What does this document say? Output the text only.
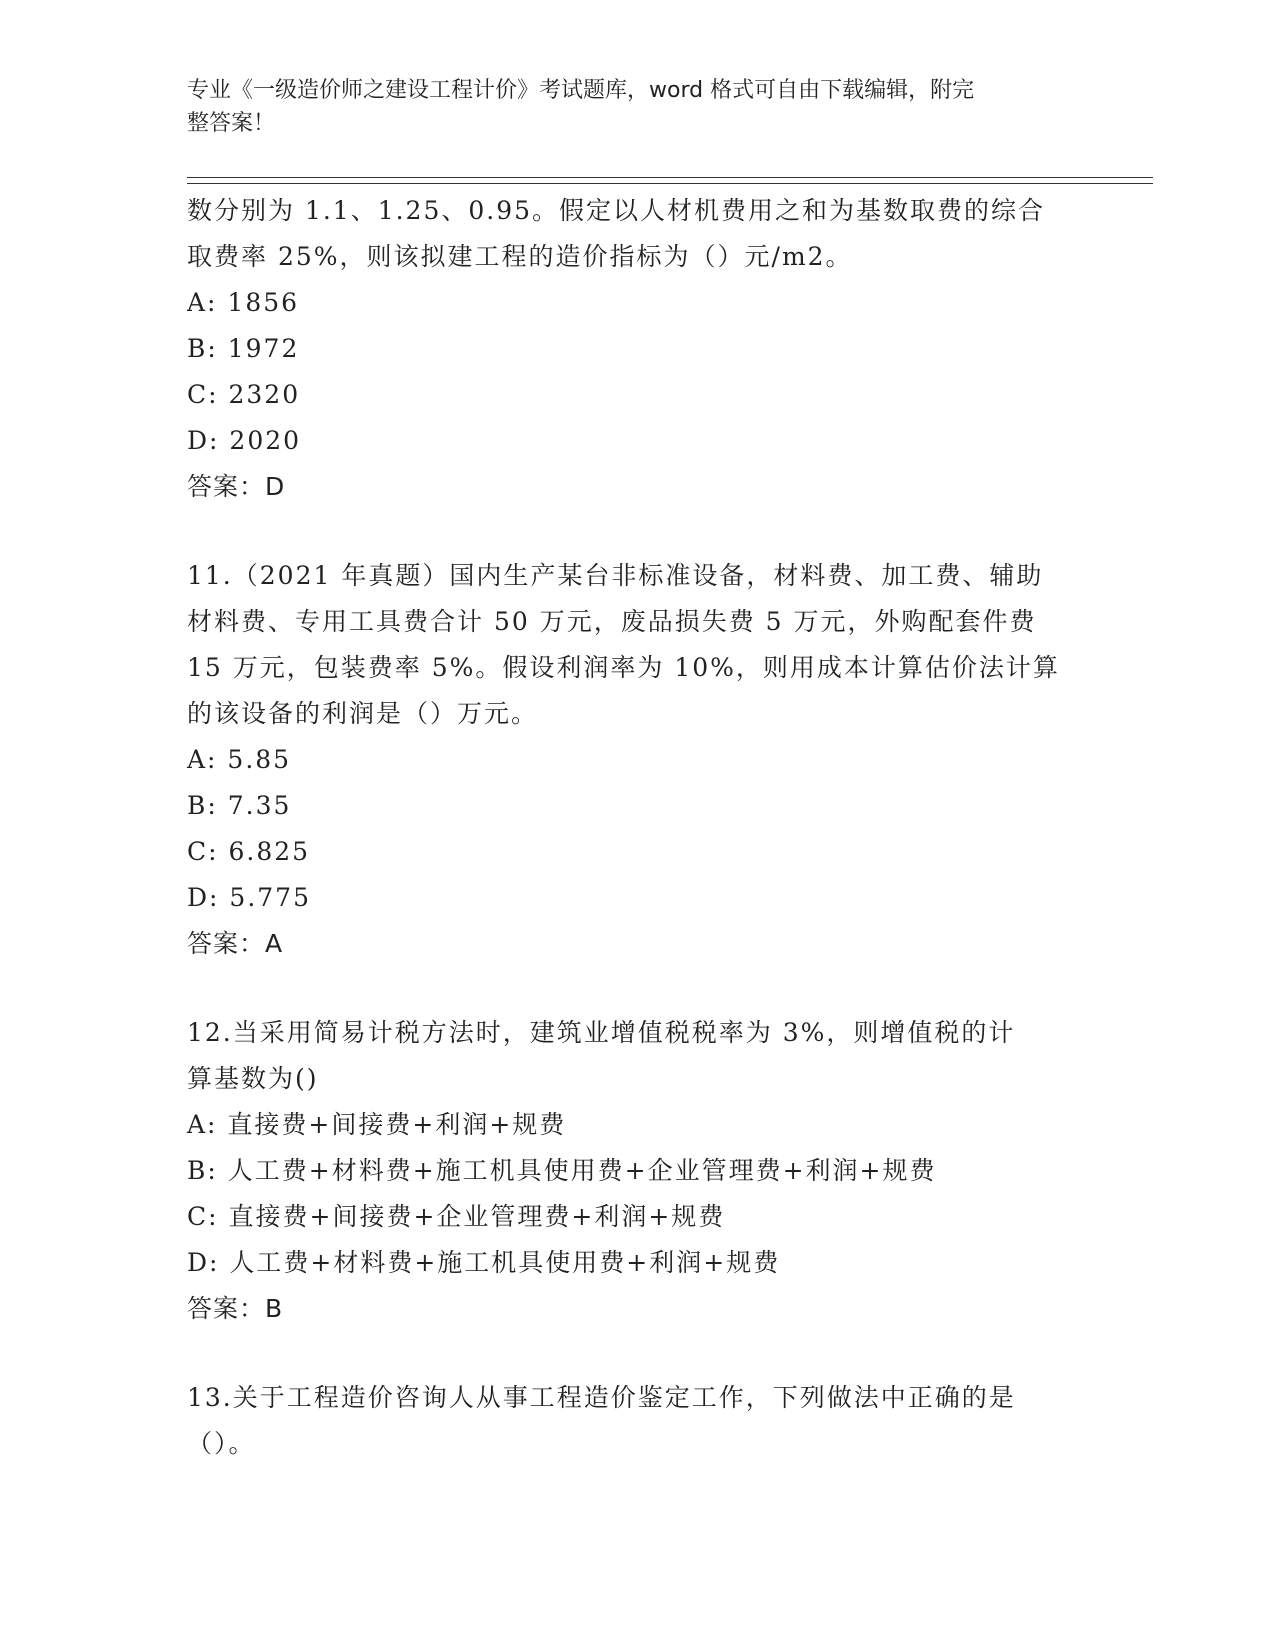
专业《一级造价师之建设工程计价》考试题库，word 格式可自由下载编辑，附完
整答案！
数分别为 1.1、1.25、0.95。假定以人材机费用之和为基数取费的综合
取费率 25%，则该拟建工程的造价指标为（）元/m2。
A: 1856
B: 1972
C: 2320
D: 2020
答案：D
11.（2021 年真题）国内生产某台非标准设备，材料费、加工费、辅助
材料费、专用工具费合计 50 万元，废品损失费 5 万元，外购配套件费
15 万元，包装费率 5%。假设利润率为 10%，则用成本计算估价法计算
的该设备的利润是（）万元。
A: 5.85
B: 7.35
C: 6.825
D: 5.775
答案：A
12.当采用简易计税方法时，建筑业增值税税率为 3%，则增值税的计
算基数为()
A: 直接费+间接费+利润+规费
B: 人工费+材料费+施工机具使用费+企业管理费+利润+规费
C: 直接费+间接费+企业管理费+利润+规费
D: 人工费+材料费+施工机具使用费+利润+规费
答案：B
13.关于工程造价咨询人从事工程造价鉴定工作，下列做法中正确的是
（）。
